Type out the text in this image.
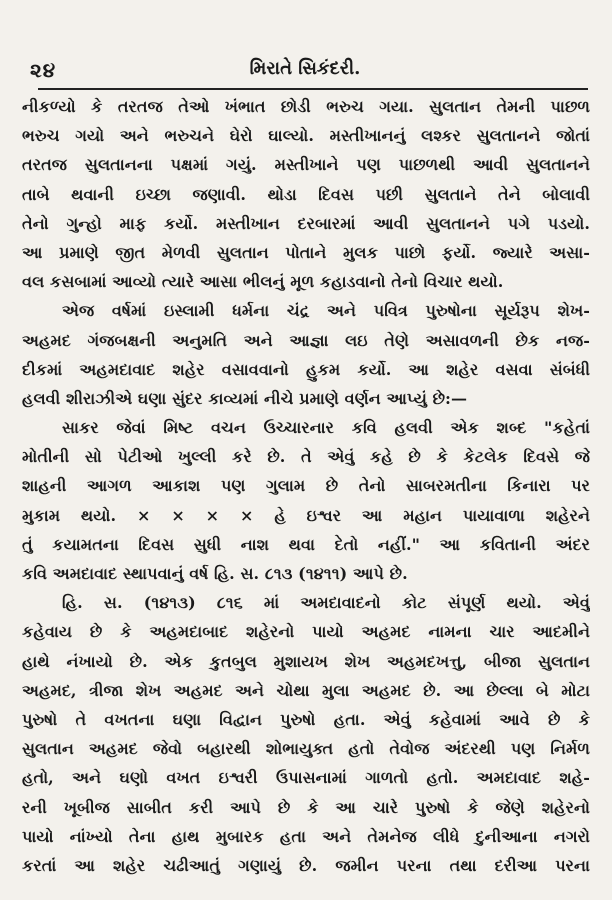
૨૪	મિરાતે સિકંદરી.
નીકળ્યો કે તરતજ તેઓ ખંભાત છોડી ભરુચ ગયા. સુલતાન તેમની પાછળ
ભરુચ ગયો અને ભરુચને ઘેરો ઘાલ્યો. મસ્તીખાનનું લશ્કર સુલતાનને જોતાં
તરતજ સુલતાનના પક્ષમાં ગયું. મસ્તીખાને પણ પાછળથી આવી સુલતાનને
તાબે થવાની ઇચ્છા જણાવી. થોડા દિવસ પછી સુલતાને તેને બોલાવી
તેનો ગુન્હો માફ કર્યો. મસ્તીખાન દરબારમાં આવી સુલતાનને પગે પડયો.
આ પ્રમાણે જીત મેળવી સુલતાન પોતાને મુલક પાછો ફર્યો. જ્યારે અસા-
વલ કસબામાં આવ્યો ત્યારે આસા ભીલનું મૂળ કહાડવાનો તેનો વિચાર થયો.
એજ વર્ષમાં ઇસ્લામી ધર્મના ચંદ્ર અને પવિત્ર પુરુષોના સૂર્યરૂપ શેખ-
અહમદ ગંજબક્ષની અનુમતિ અને આજ્ઞા લઇ તેણે અસાવળની છેક નજ-
દીકમાં અહમદાવાદ શહેર વસાવવાનો હુકમ કર્યો. આ શહેર વસવા સંબંધી
હલવી શીરાઝીએ ઘણા સુંદર કાવ્યમાં નીચે પ્રમાણે વર્ણન આપ્યું છે:—
સાકર જેવાં મિષ્ટ વચન ઉચ્ચારનાર કવિ હલવી એક શબ્દ "કહેતાં
મોતીની સો પેટીઓ ખુલ્લી કરે છે. તે એવું કહે છે કે કેટલેક દિવસે જે
શાહની આગળ આકાશ પણ ગુલામ છે તેનો સાબરમતીના કિનારા પર
મુકામ થયો. × × × × હે ઇશ્વર આ મહાન પાયાવાળા શહેરને
તું કયામતના દિવસ સુધી નાશ થવા દેતો નહીં." આ કવિતાની અંદર
કવિ અમદાવાદ સ્થાપવાનું વર્ષ હિ. સ. ૮૧૩ (૧૪૧૧) આપે છે.
હિ. સ. (૧૪૧૩) ૮૧૬ માં અમદાવાદનો કોટ સંપૂર્ણ થયો. એવું
કહેવાય છે કે અહમદાબાદ શહેરનો પાયો અહમદ નામના ચાર આદમીને
હાથે નંખાયો છે. એક કુતબુલ મુશાયખ શેખ અહમદખત્તુ, બીજા સુલતાન
અહમદ, ત્રીજા શેખ અહમદ અને ચોથા મુલા અહમદ છે. આ છેલ્લા બે મોટા
પુરુષો તે વખતના ઘણા વિદ્વાન પુરુષો હતા. એવું કહેવામાં આવે છે કે
સુલતાન અહમદ જેવો બહારથી શોભાયુક્ત હતો તેવોજ અંદરથી પણ નિર્મળ
હતો, અને ઘણો વખત ઇશ્વરી ઉપાસનામાં ગાળતો હતો. અમદાવાદ શહે-
રની ખૂબીજ સાબીત કરી આપે છે કે આ ચારે પુરુષો કે જેણે શહેરનો
પાયો નાંખ્યો તેના હાથ મુબારક હતા અને તેમનેજ લીધે દુનીઆના નગરો
કરતાં આ શહેર ચઢીઆતું ગણાયું છે. જમીન પરના તથા દરીઆ પરના
